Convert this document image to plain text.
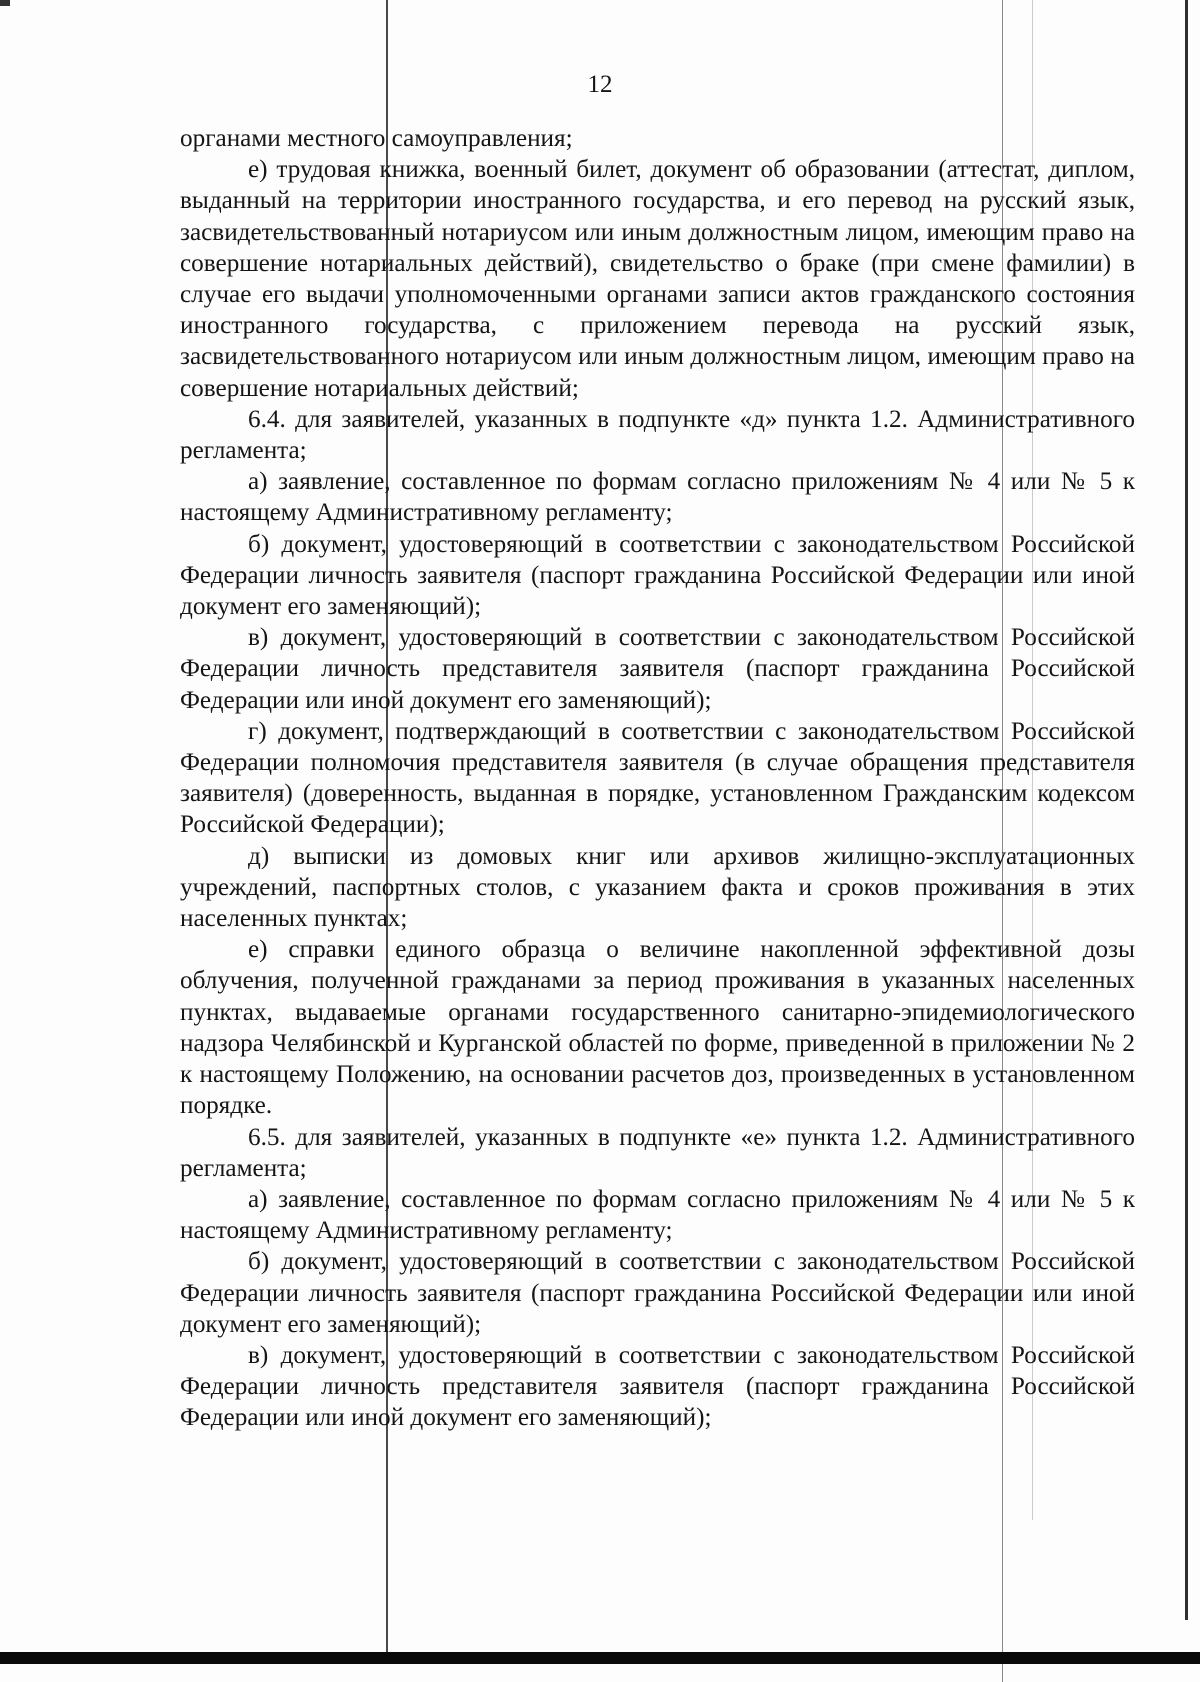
12

органами местного самоуправления;

е) трудовая книжка, военный билет, документ об образовании (аттестат, диплом, выданный на территории иностранного государства, и его перевод на русский язык, засвидетельствованный нотариусом или иным должностным лицом, имеющим право на совершение нотариальных действий), свидетельство о браке (при смене фамилии) в случае его выдачи уполномоченными органами записи актов гражданского состояния иностранного государства, с приложением перевода на русский язык, засвидетельствованного нотариусом или иным должностным лицом, имеющим право на совершение нотариальных действий;

6.4. для заявителей, указанных в подпункте «д» пункта 1.2. Административного регламента;

а) заявление, составленное по формам согласно приложениям № 4 или № 5 к настоящему Административному регламенту;

б) документ, удостоверяющий в соответствии с законодательством Российской Федерации личность заявителя (паспорт гражданина Российской Федерации или иной документ его заменяющий);

в) документ, удостоверяющий в соответствии с законодательством Российской Федерации личность представителя заявителя (паспорт гражданина Российской Федерации или иной документ его заменяющий);

г) документ, подтверждающий в соответствии с законодательством Российской Федерации полномочия представителя заявителя (в случае обращения представителя заявителя) (доверенность, выданная в порядке, установленном Гражданским кодексом Российской Федерации);

д) выписки из домовых книг или архивов жилищно-эксплуатационных учреждений, паспортных столов, с указанием факта и сроков проживания в этих населенных пунктах;

е) справки единого образца о величине накопленной эффективной дозы облучения, полученной гражданами за период проживания в указанных населенных пунктах, выдаваемые органами государственного санитарно-эпидемиологического надзора Челябинской и Курганской областей по форме, приведенной в приложении № 2 к настоящему Положению, на основании расчетов доз, произведенных в установленном порядке.

6.5. для заявителей, указанных в подпункте «е» пункта 1.2. Административного регламента;

а) заявление, составленное по формам согласно приложениям № 4 или № 5 к настоящему Административному регламенту;

б) документ, удостоверяющий в соответствии с законодательством Российской Федерации личность заявителя (паспорт гражданина Российской Федерации или иной документ его заменяющий);

в) документ, удостоверяющий в соответствии с законодательством Российской Федерации личность представителя заявителя (паспорт гражданина Российской Федерации или иной документ его заменяющий);
